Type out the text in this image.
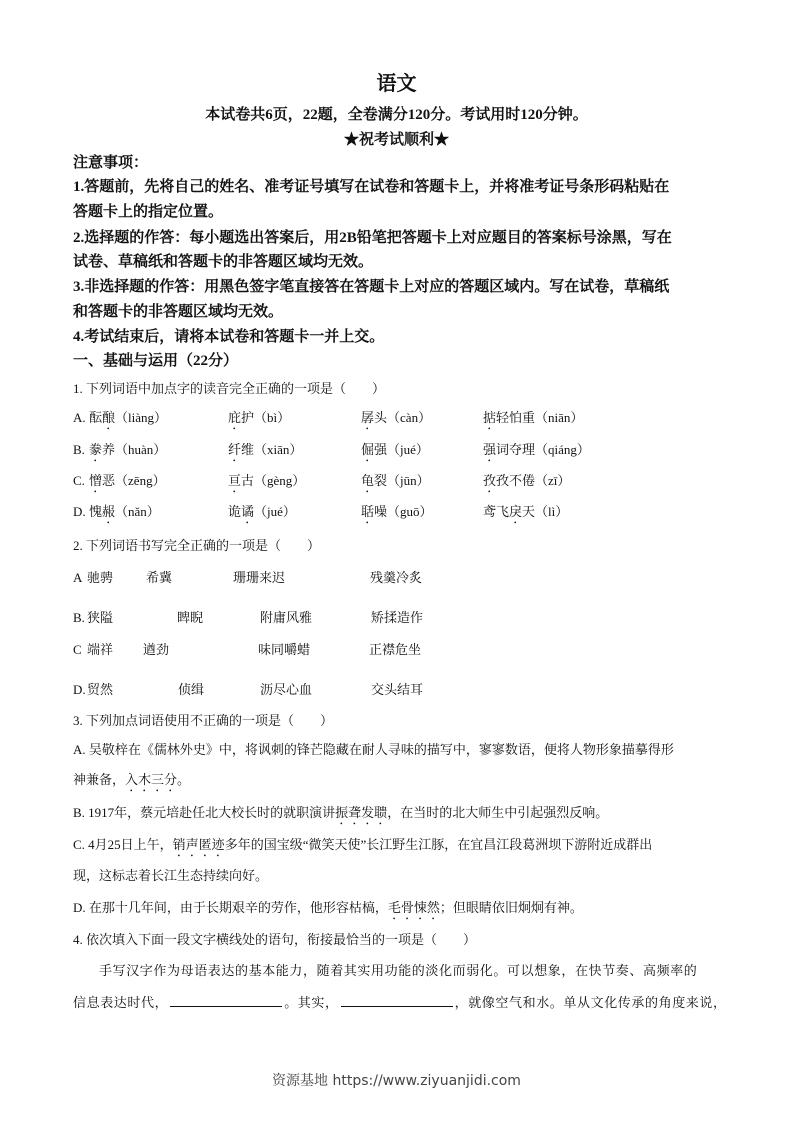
语文
本试卷共6页，22题，全卷满分120分。考试用时120分钟。
★祝考试顺利★
注意事项：
1.答题前，先将自己的姓名、准考证号填写在试卷和答题卡上，并将准考证号条形码粘贴在
答题卡上的指定位置。
2.选择题的作答：每小题选出答案后，用2B铅笔把答题卡上对应题目的答案标号涂黑，写在
试卷、草稿纸和答题卡的非答题区域均无效。
3.非选择题的作答：用黑色签字笔直接答在答题卡上对应的答题区域内。写在试卷，草稿纸
和答题卡的非答题区域均无效。
4.考试结束后，请将本试卷和答题卡一并上交。
一、基础与运用（22分）
1. 下列词语中加点字的读音完全正确的一项是（　　）
A. 酝酿（liàng）	庇护（bì）	孱头（càn）	掂轻怕重（niān）
B. 豢养（huàn）	纤维（xiān）	倔强（jué）	强词夺理（qiáng）
C. 憎恶（zēng）	亘古（gèng）	龟裂（jūn）	孜孜不倦（zī）
D. 愧赧（nǎn）	诡谲（jué）	聒噪（guō）	鸢飞戾天（lì）
2. 下列词语书写完全正确的一项是（　　）
A 驰骋	希冀	珊珊来迟	残羹冷炙
B. 狭隘	睥睨	附庸风雅	矫揉造作
C 端祥 遒劲	味同嚼蜡	正襟危坐
D. 贸然	侦缉	沥尽心血	交头结耳
3. 下列加点词语使用不正确的一项是（　　）
A. 吴敬梓在《儒林外史》中，将讽刺的锋芒隐藏在耐人寻味的描写中，寥寥数语，便将人物形象描摹得形
神兼备，入木三分。
B. 1917年，蔡元培赴任北大校长时的就职演讲振聋发聩，在当时的北大师生中引起强烈反响。
C. 4月25日上午，销声匿迹多年的国宝级“微笑天使”长江野生江豚，在宜昌江段葛洲坝下游附近成群出
现，这标志着长江生态持续向好。
D. 在那十几年间，由于长期艰辛的劳作，他形容枯槁，毛骨悚然；但眼睛依旧炯炯有神。
4. 依次填入下面一段文字横线处的语句，衔接最恰当的一项是（　　）
手写汉字作为母语表达的基本能力，随着其实用功能的淡化而弱化。可以想象，在快节奏、高频率的
信息表达时代，	。其实，	，就像空气和水。单从文化传承的角度来说，
资源基地 https://www.ziyuanjidi.com
